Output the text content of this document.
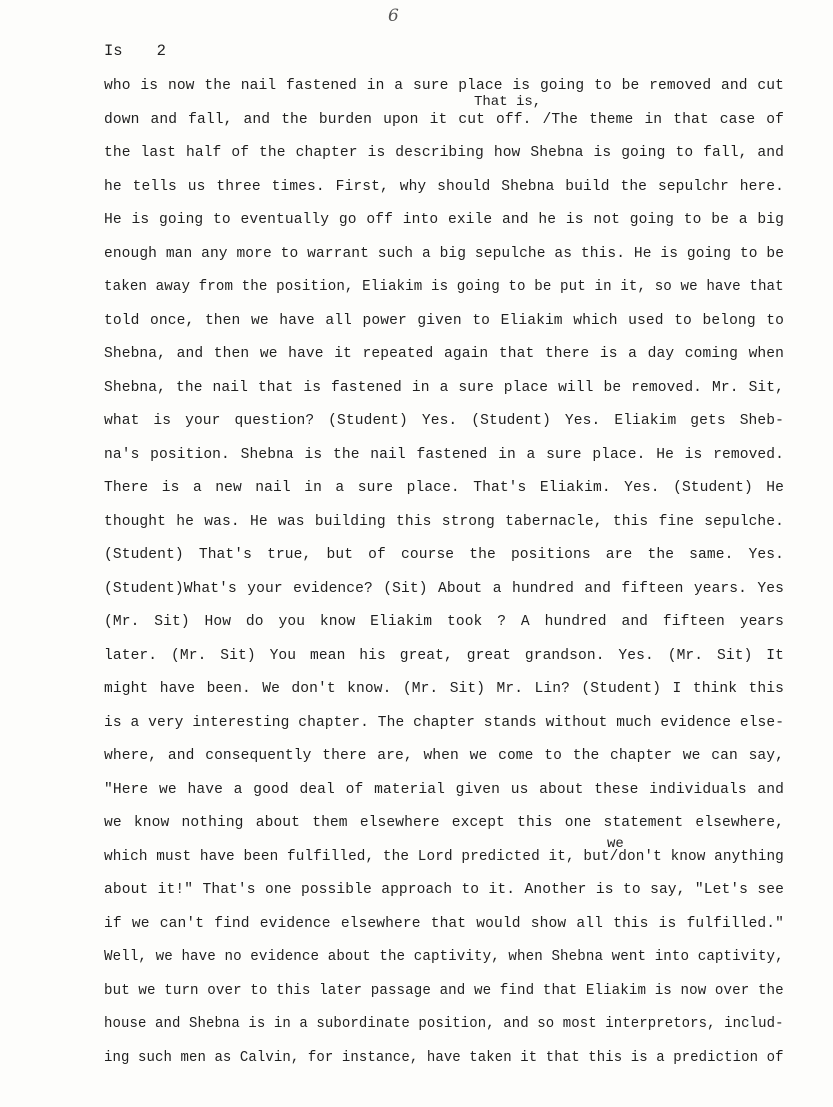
6
Is 2
That is,
we
who is now the nail fastened in a sure place is going to be removed and cut
down and fall, and the burden upon it cut off. /The theme in that case of
the last half of the chapter is describing how Shebna is going to fall, and
he tells us three times. First, why should Shebna build the sepulchr here.
He is going to eventually go off into exile and he is not going to be a big
enough man any more to warrant such a big sepulche as this. He is going to be
taken away from the position, Eliakim is going to be put in it, so we have that
told once, then we have all power given to Eliakim which used to belong to
Shebna, and then we have it repeated again that there is a day coming when
Shebna, the nail that is fastened in a sure place will be removed. Mr. Sit,
what is your question? (Student) Yes. (Student) Yes. Eliakim gets Sheb-
na's position. Shebna is the nail fastened in a sure place. He is removed.
There is a new nail in a sure place. That's Eliakim. Yes. (Student) He
thought he was. He was building this strong tabernacle, this fine sepulche.
(Student) That's true, but of course the positions are the same. Yes.
(Student)What's your evidence? (Sit) About a hundred and fifteen years. Yes
(Mr. Sit) How do you know Eliakim took ? A hundred and fifteen years
later. (Mr. Sit) You mean his great, great grandson. Yes. (Mr. Sit) It
might have been. We don't know. (Mr. Sit) Mr. Lin? (Student) I think this
is a very interesting chapter. The chapter stands without much evidence else-
where, and consequently there are, when we come to the chapter we can say,
"Here we have a good deal of material given us about these individuals and
we know nothing about them elsewhere except this one statement elsewhere,
which must have been fulfilled, the Lord predicted it, but/don't know anything
about it!" That's one possible approach to it. Another is to say, "Let's see
if we can't find evidence elsewhere that would show all this is fulfilled."
Well, we have no evidence about the captivity, when Shebna went into captivity,
but we turn over to this later passage and we find that Eliakim is now over the
house and Shebna is in a subordinate position, and so most interpretors, includ-
ing such men as Calvin, for instance, have taken it that this is a prediction of
